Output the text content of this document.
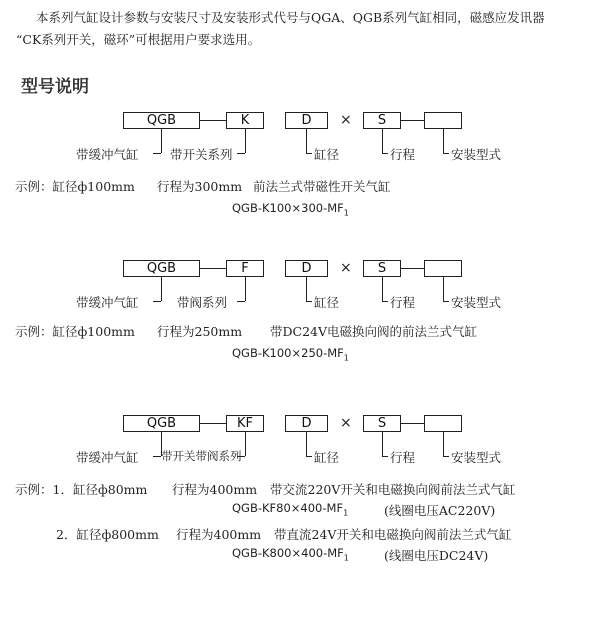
本系列气缸设计参数与安装尺寸及安装形式代号与QGA、QGB系列气缸相同，磁感应发讯器
“CK系列开关，磁环”可根据用户要求选用。
型号说明
QGB	K	D	×	S
带缓冲气缸	带开关系列	缸径	行程	安装型式
示例：缸径ф100mm 行程为300mm 前法兰式带磁性开关气缸
QGB-$K100\times 300-MF_1$
QGB	F	D	×	S
带缓冲气缸	带阀系列	缸径	行程	安装型式
示例：缸径ф100mm 行程为250mm 带DC24V电磁换向阀的前法兰式气缸
QGB-$K100\times 250-MF_1$
QGB	KF	D	×	S
带缓冲气缸 带开关带阀系列	缸径	行程	安装型式
示例：1．缸径ф80mm 行程为400mm 带交流220V开关和电磁换向阀前法兰式气缸
QGB-$KF80\times 400-MF_1$	(线圈电压AC220V)
2．缸径ф800mm 行程为400mm 带直流24V开关和电磁换向阀前法兰式气缸
QGB-$K800\times 400-MF_1$	(线圈电压DC24V)
